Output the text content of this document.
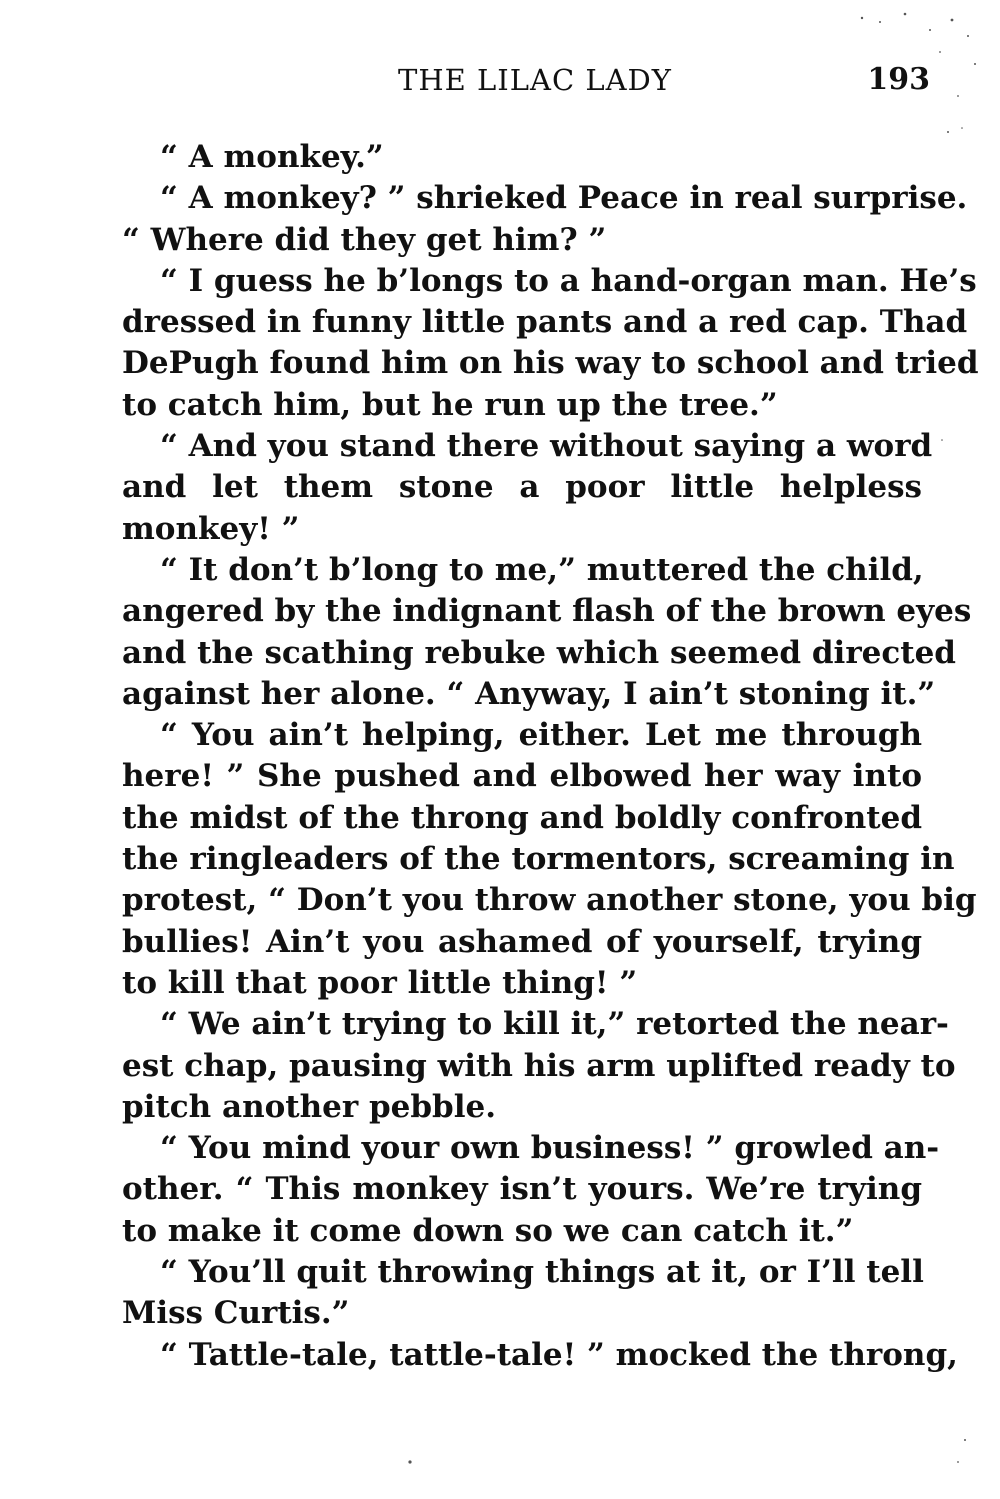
THE LILAC LADY	193
“ A monkey.”
“ A monkey? ” shrieked Peace in real surprise.
“ Where did they get him? ”
“ I guess he b’longs to a hand-organ man. He’s
dressed in funny little pants and a red cap. Thad
DePugh found him on his way to school and tried
to catch him, but he run up the tree.”
“ And you stand there without saying a word
and let them stone a poor little helpless
monkey! ”
“ It don’t b’long to me,” muttered the child,
angered by the indignant flash of the brown eyes
and the scathing rebuke which seemed directed
against her alone. “ Anyway, I ain’t stoning it.”
“ You ain’t helping, either. Let me through
here! ” She pushed and elbowed her way into
the midst of the throng and boldly confronted
the ringleaders of the tormentors, screaming in
protest, “ Don’t you throw another stone, you big
bullies! Ain’t you ashamed of yourself, trying
to kill that poor little thing! ”
“ We ain’t trying to kill it,” retorted the near-
est chap, pausing with his arm uplifted ready to
pitch another pebble.
“ You mind your own business! ” growled an-
other. “ This monkey isn’t yours. We’re trying
to make it come down so we can catch it.”
“ You’ll quit throwing things at it, or I’ll tell
Miss Curtis.”
“ Tattle-tale, tattle-tale! ” mocked the throng,
